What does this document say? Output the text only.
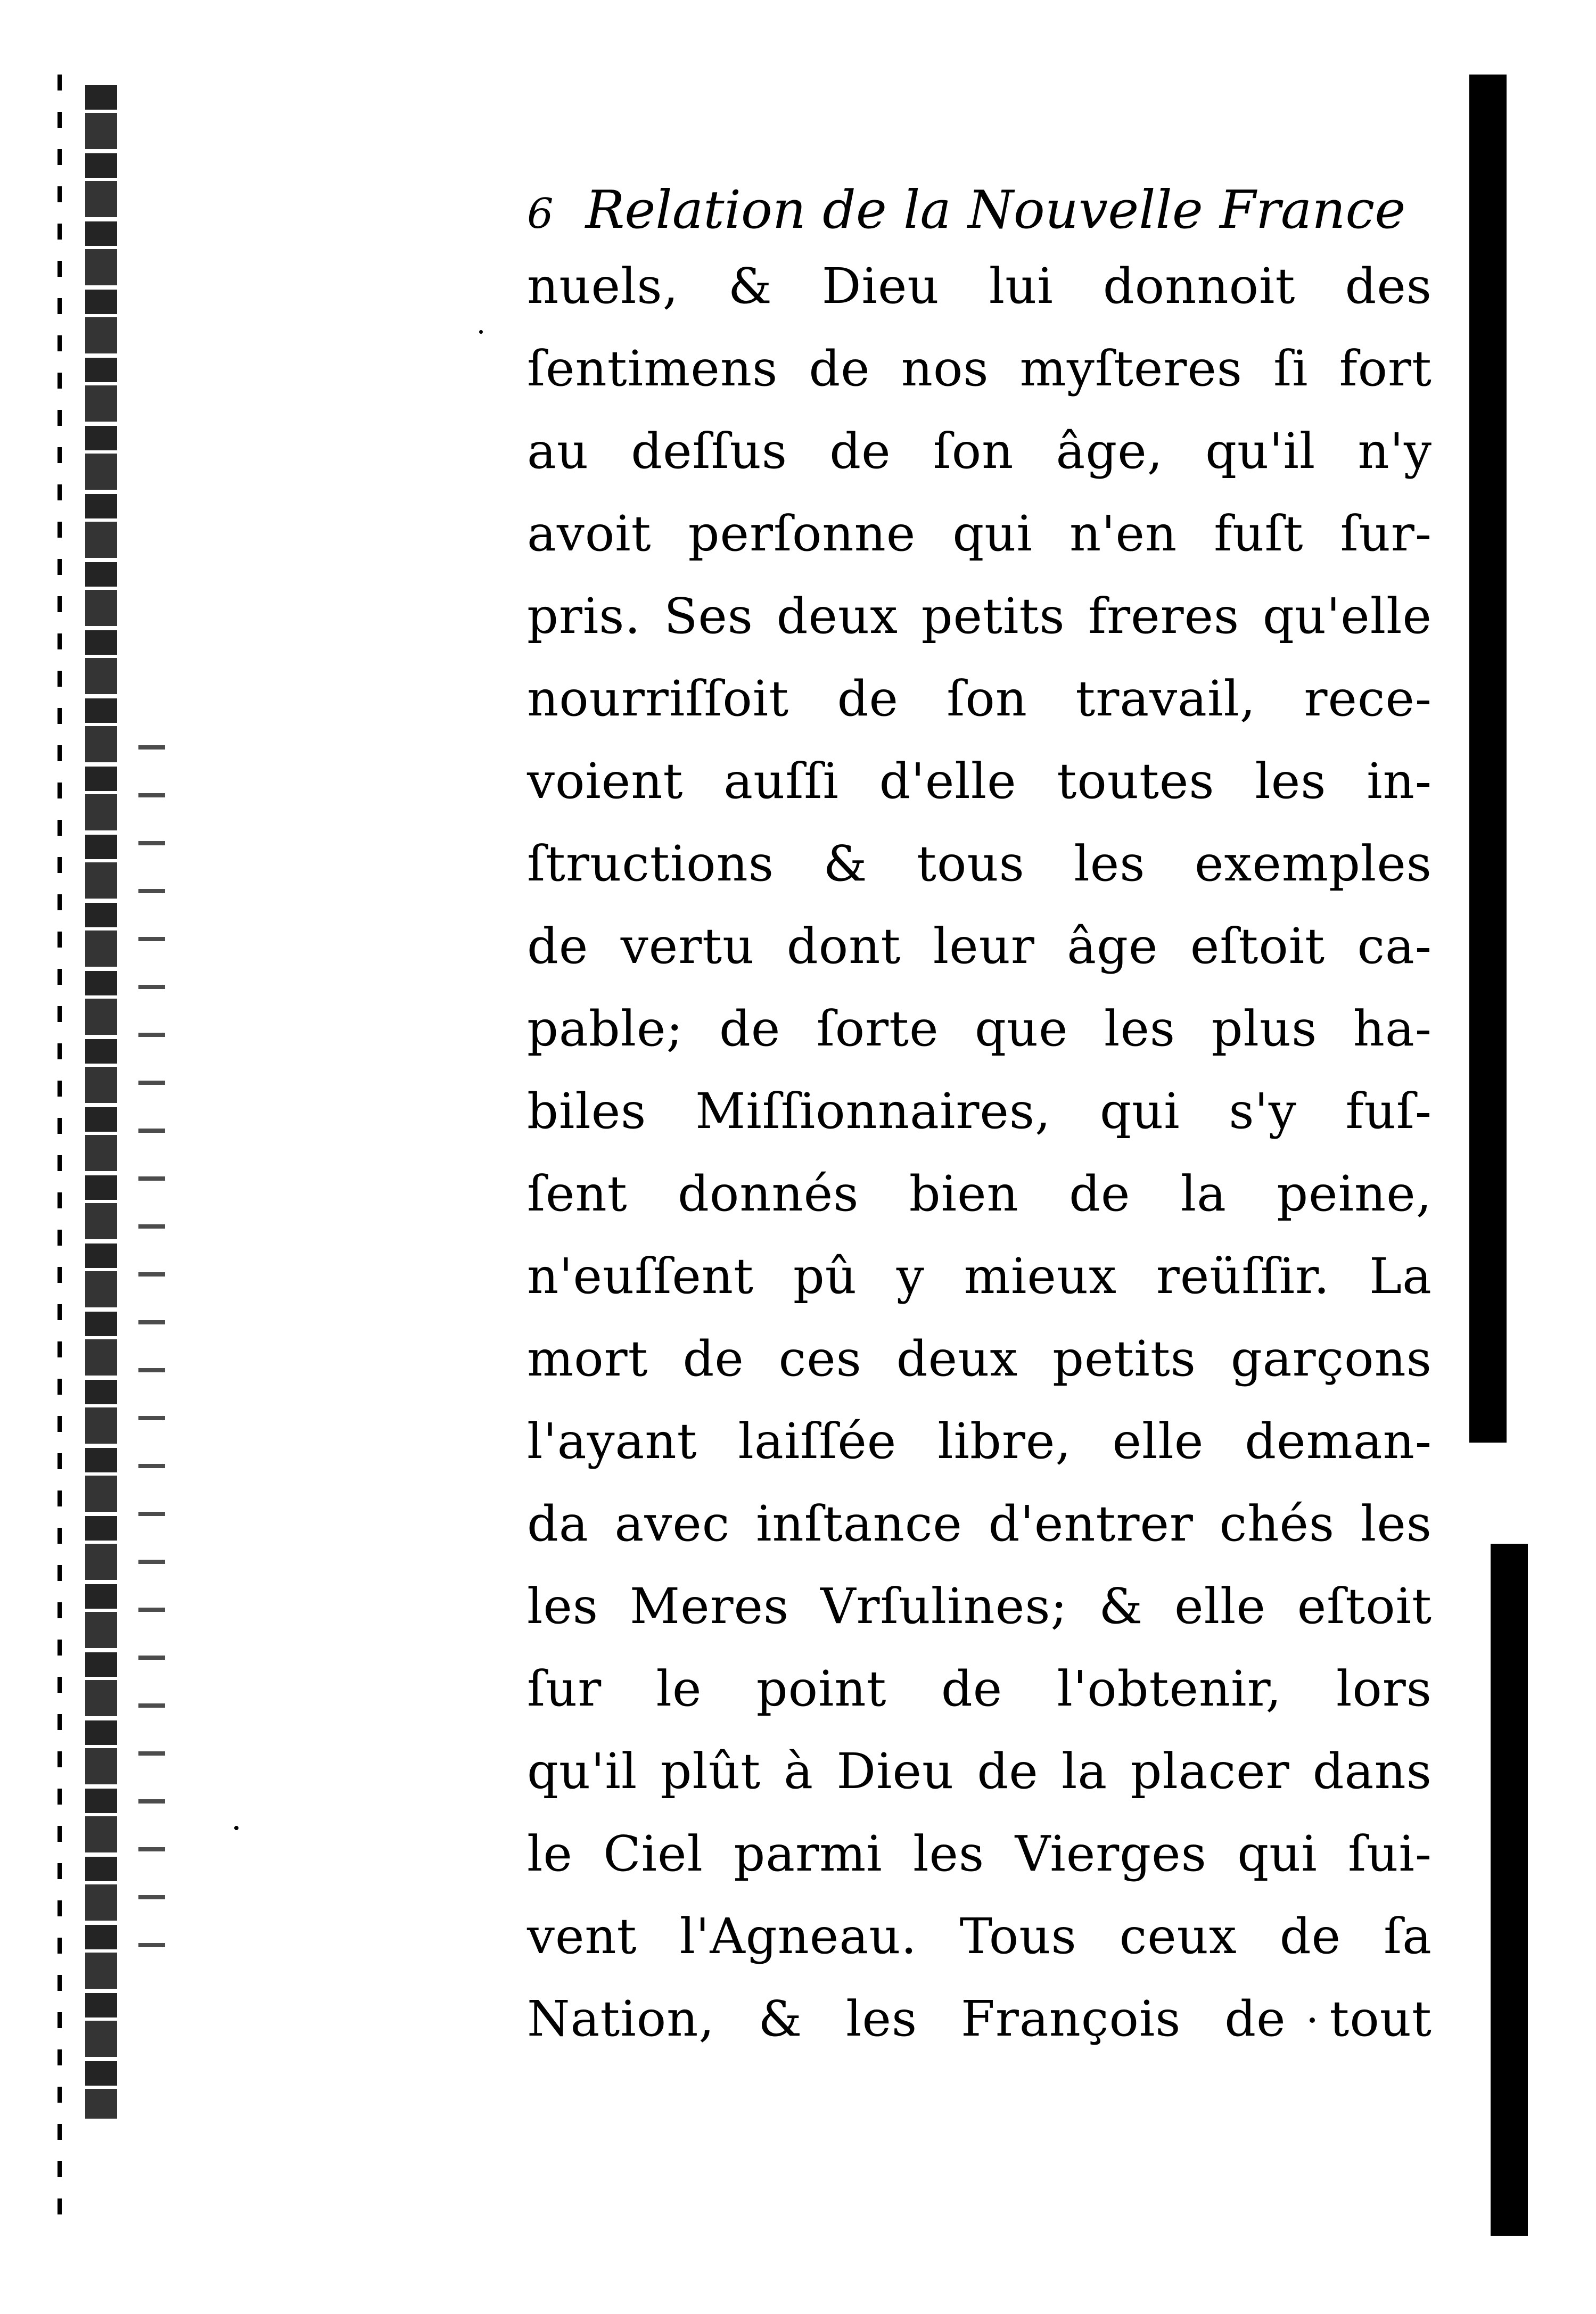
6 Relation de la Nouvelle France
nuels, & Dieu lui donnoit des
ſentimens de nos myſteres ſi fort
au deſſus de ſon âge, qu'il n'y
avoit perſonne qui n'en fuſt ſur-
pris. Ses deux petits freres qu'elle
nourriſſoit de ſon travail, rece-
voient auſſi d'elle toutes les in-
ſtructions & tous les exemples
de vertu dont leur âge eſtoit ca-
pable; de ſorte que les plus ha-
biles Miſſionnaires, qui s'y fuſ-
ſent donnés bien de la peine,
n'euſſent pû y mieux reüſſir. La
mort de ces deux petits garçons
l'ayant laiſſée libre, elle deman-
da avec inſtance d'entrer chés les
les Meres Vrſulines; & elle eſtoit
ſur le point de l'obtenir, lors
qu'il plût à Dieu de la placer dans
le Ciel parmi les Vierges qui ſui-
vent l'Agneau. Tous ceux de ſa
Nation, & les François de tout
